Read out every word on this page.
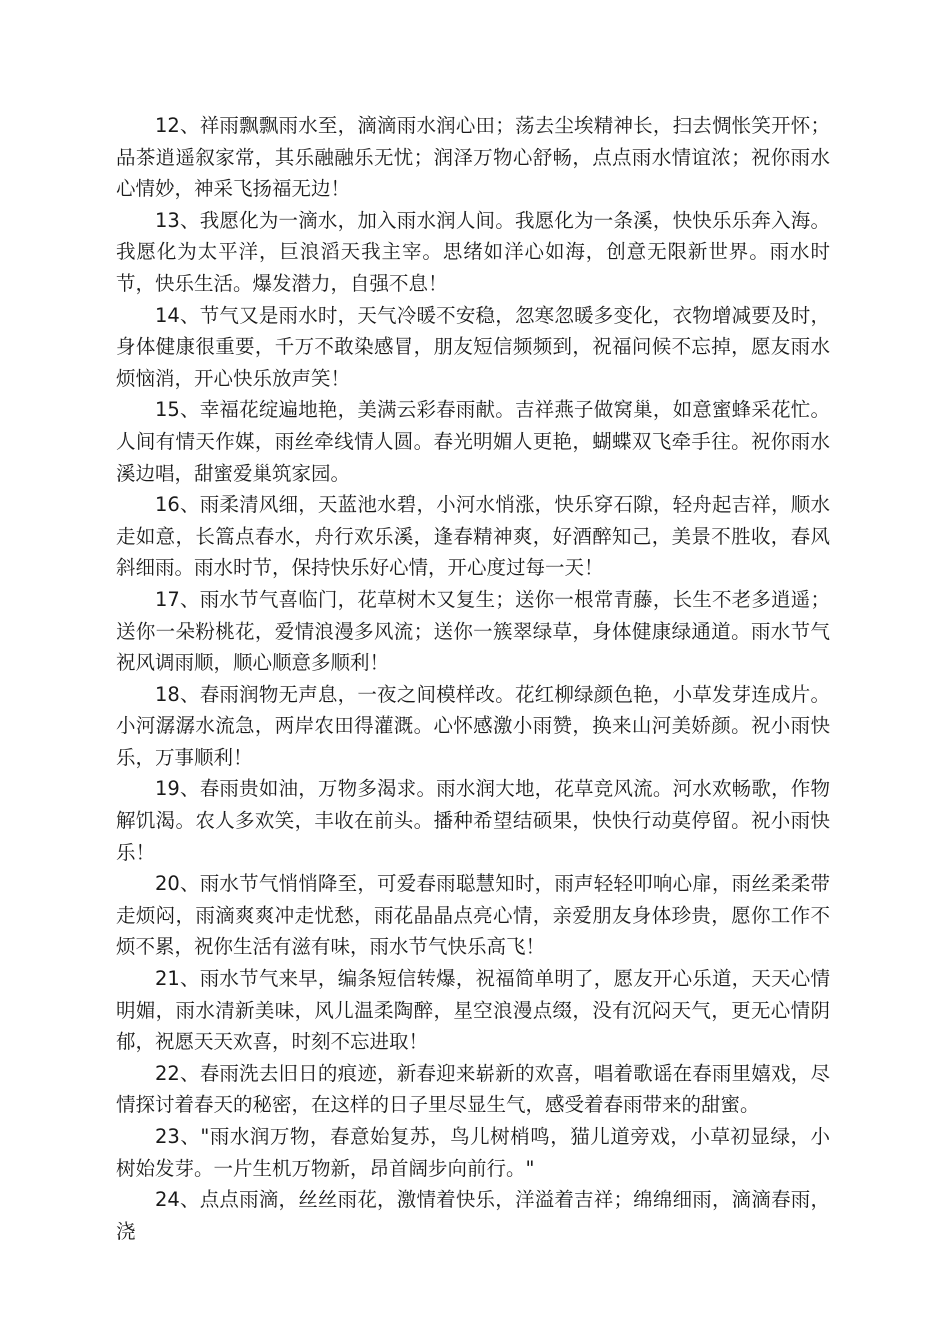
12、祥雨飘飘雨水至，滴滴雨水润心田；荡去尘埃精神长，扫去惆怅笑开怀；品茶逍遥叙家常，其乐融融乐无忧；润泽万物心舒畅，点点雨水情谊浓；祝你雨水心情妙，神采飞扬福无边！

13、我愿化为一滴水，加入雨水润人间。我愿化为一条溪，快快乐乐奔入海。我愿化为太平洋，巨浪滔天我主宰。思绪如洋心如海，创意无限新世界。雨水时节，快乐生活。爆发潜力，自强不息！

14、节气又是雨水时，天气冷暖不安稳，忽寒忽暖多变化，衣物增减要及时，身体健康很重要，千万不敢染感冒，朋友短信频频到，祝福问候不忘掉，愿友雨水烦恼消，开心快乐放声笑！

15、幸福花绽遍地艳，美满云彩春雨献。吉祥燕子做窝巢，如意蜜蜂采花忙。人间有情天作媒，雨丝牵线情人圆。春光明媚人更艳，蝴蝶双飞牵手往。祝你雨水溪边唱，甜蜜爱巢筑家园。

16、雨柔清风细，天蓝池水碧，小河水悄涨，快乐穿石隙，轻舟起吉祥，顺水走如意，长篙点春水，舟行欢乐溪，逢春精神爽，好酒醉知己，美景不胜收，春风斜细雨。雨水时节，保持快乐好心情，开心度过每一天！

17、雨水节气喜临门，花草树木又复生；送你一根常青藤，长生不老多逍遥；送你一朵粉桃花，爱情浪漫多风流；送你一簇翠绿草，身体健康绿通道。雨水节气祝风调雨顺，顺心顺意多顺利！

18、春雨润物无声息，一夜之间模样改。花红柳绿颜色艳，小草发芽连成片。小河潺潺水流急，两岸农田得灌溉。心怀感激小雨赞，换来山河美娇颜。祝小雨快乐，万事顺利！

19、春雨贵如油，万物多渴求。雨水润大地，花草竞风流。河水欢畅歌，作物解饥渴。农人多欢笑，丰收在前头。播种希望结硕果，快快行动莫停留。祝小雨快乐！

20、雨水节气悄悄降至，可爱春雨聪慧知时，雨声轻轻叩响心扉，雨丝柔柔带走烦闷，雨滴爽爽冲走忧愁，雨花晶晶点亮心情，亲爱朋友身体珍贵，愿你工作不烦不累，祝你生活有滋有味，雨水节气快乐高飞！

21、雨水节气来早，编条短信转爆，祝福简单明了，愿友开心乐道，天天心情明媚，雨水清新美味，风儿温柔陶醉，星空浪漫点缀，没有沉闷天气，更无心情阴郁，祝愿天天欢喜，时刻不忘进取！

22、春雨洗去旧日的痕迹，新春迎来崭新的欢喜，唱着歌谣在春雨里嬉戏，尽情探讨着春天的秘密，在这样的日子里尽显生气，感受着春雨带来的甜蜜。

23、"雨水润万物，春意始复苏，鸟儿树梢鸣，猫儿道旁戏，小草初显绿，小树始发芽。一片生机万物新，昂首阔步向前行。"

24、点点雨滴，丝丝雨花，激情着快乐，洋溢着吉祥；绵绵细雨，滴滴春雨，浇
